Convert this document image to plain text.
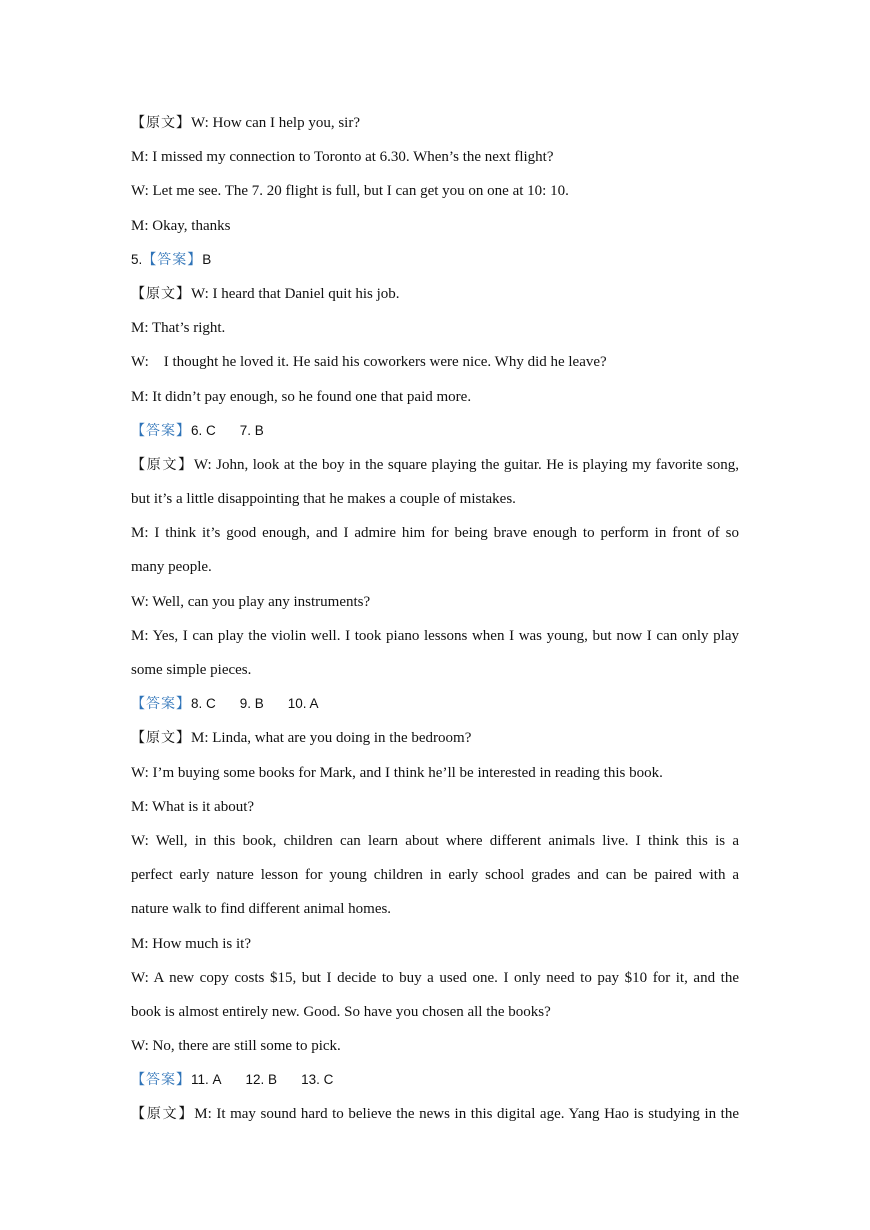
【原文】W: How can I help you, sir?
M: I missed my connection to Toronto at 6.30. When’s the next flight?
W: Let me see. The 7. 20 flight is full, but I can get you on one at 10: 10.
M: Okay, thanks
5.【答案】B
【原文】W: I heard that Daniel quit his job.
M: That’s right.
W:    I thought he loved it. He said his coworkers were nice. Why did he leave?
M: It didn’t pay enough, so he found one that paid more.
【答案】6. C 7. B
【原文】W: John, look at the boy in the square playing the guitar. He is playing my favorite song,
but it’s a little disappointing that he makes a couple of mistakes.
M: I think it’s good enough, and I admire him for being brave enough to perform in front of so
many people.
W: Well, can you play any instruments?
M: Yes, I can play the violin well. I took piano lessons when I was young, but now I can only play
some simple pieces.
【答案】8. C 9. B 10. A
【原文】M: Linda, what are you doing in the bedroom?
W: I’m buying some books for Mark, and I think he’ll be interested in reading this book.
M: What is it about?
W: Well, in this book, children can learn about where different animals live. I think this is a
perfect early nature lesson for young children in early school grades and can be paired with a
nature walk to find different animal homes.
M: How much is it?
W: A new copy costs $15, but I decide to buy a used one. I only need to pay $10 for it, and the
book is almost entirely new. Good. So have you chosen all the books?
W: No, there are still some to pick.
【答案】11. A 12. B 13. C
【原文】M: It may sound hard to believe the news in this digital age. Yang Hao is studying in the
